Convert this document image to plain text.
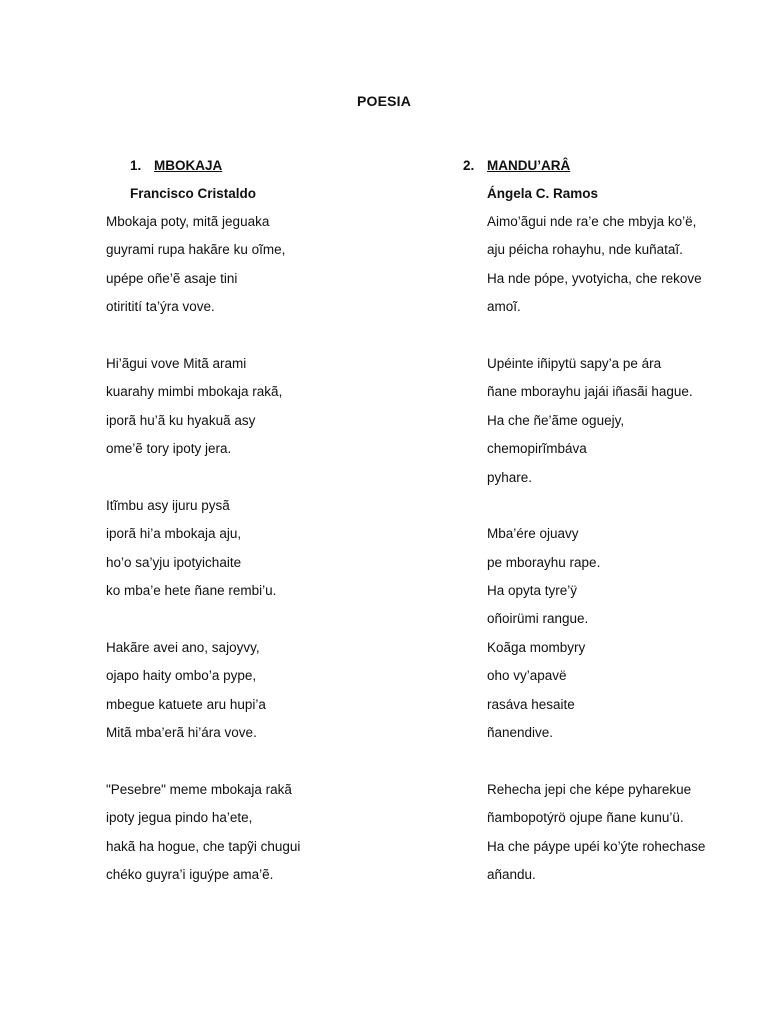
POESIA
1. MBOKAJA
Francisco Cristaldo
Mbokaja poty, mitã jeguaka
guyrami rupa hakãre ku oĩme,
upépe oñe’ẽ asaje tini
otiritití ta’ýra vove.
Hi’ãgui vove Mitã arami
kuarahy mimbi mbokaja rakã,
iporã hu’ã ku hyakuã asy
ome’ẽ tory ipoty jera.
Itĩmbu asy ijuru pysã
iporã hi’a mbokaja aju,
ho’o sa’yju ipotyichaite
ko mba’e hete ñane rembi’u.
Hakãre avei ano, sajoyvy,
ojapo haity ombo’a pype,
mbegue katuete aru hupi’a
Mitã mba’erã hi’ára vove.
"Pesebre" meme mbokaja rakã
ipoty jegua pindo ha’ete,
hakã ha hogue, che tapỹi chugui
chéko guyra’i iguýpe ama’ẽ.
2. MANDU’ARÂ
Ángela C. Ramos
Aimo’ãgui nde ra’e che mbyja ko’ë,
aju péicha rohayhu, nde kuñataĩ.
Ha nde pópe, yvotyicha, che rekove
amoĩ.
Upéinte iñipytü sapy’a pe ára
ñane mborayhu jajái iñasãi hague.
Ha che ñe’ãme oguejy,
chemopirĩmbáva
pyhare.
Mba’ére ojuavy
pe mborayhu rape.
Ha opyta tyre’ÿ
oñoirümi rangue.
Koãga mombyry
oho vy’apavë
rasáva hesaite
ñanendive.
Rehecha jepi che képe pyharekue
ñambopotýrö ojupe ñane kunu’ü.
Ha che páype upéi ko’ýte rohechase
añandu.
